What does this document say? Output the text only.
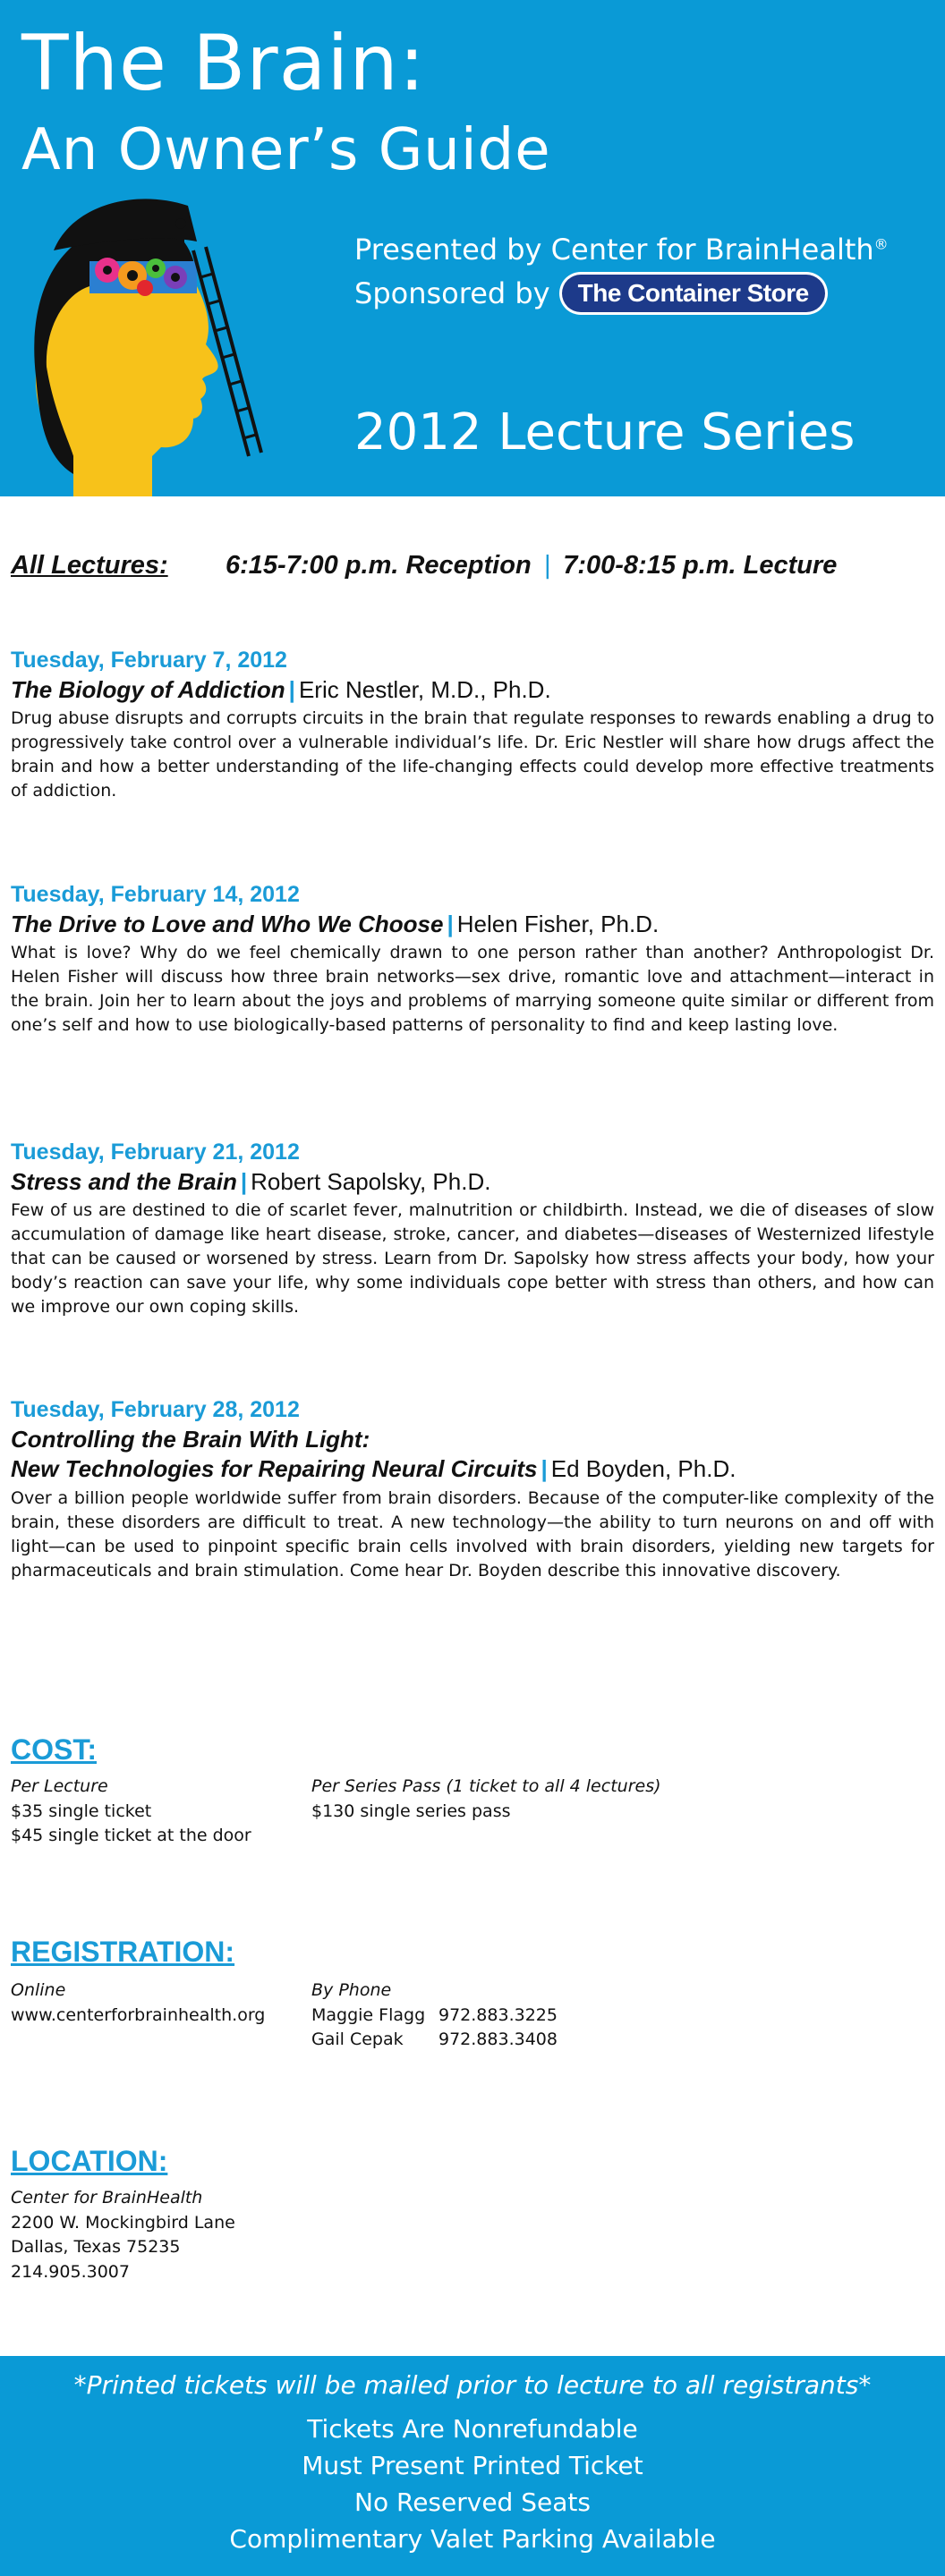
The Brain:
An Owner’s Guide
Presented by Center for BrainHealth®
Sponsored by	The Container Store
2012 Lecture Series
All Lectures: 6:15-7:00 p.m. Reception | 7:00-8:15 p.m. Lecture
Tuesday, February 7, 2012
The Biology of Addiction | Eric Nestler, M.D., Ph.D.
Drug abuse disrupts and corrupts circuits in the brain that regulate responses to rewards enabling a drug to progressively take control over a vulnerable individual’s life. Dr. Eric Nestler will share how drugs affect the brain and how a better understanding of the life-changing effects could develop more effective treatments of addiction.
Tuesday, February 14, 2012
The Drive to Love and Who We Choose | Helen Fisher, Ph.D.
What is love? Why do we feel chemically drawn to one person rather than another? Anthropologist Dr. Helen Fisher will discuss how three brain networks—sex drive, romantic love and attachment—interact in the brain. Join her to learn about the joys and problems of marrying someone quite similar or different from one’s self and how to use biologically-based patterns of personality to find and keep lasting love.
Tuesday, February 21, 2012
Stress and the Brain | Robert Sapolsky, Ph.D.
Few of us are destined to die of scarlet fever, malnutrition or childbirth. Instead, we die of diseases of slow accumulation of damage like heart disease, stroke, cancer, and diabetes—diseases of Westernized lifestyle that can be caused or worsened by stress. Learn from Dr. Sapolsky how stress affects your body, how your body’s reaction can save your life, why some individuals cope better with stress than others, and how can we improve our own coping skills.
Tuesday, February 28, 2012
Controlling the Brain With Light:
New Technologies for Repairing Neural Circuits | Ed Boyden, Ph.D.
Over a billion people worldwide suffer from brain disorders. Because of the computer-like complexity of the brain, these disorders are difficult to treat. A new technology—the ability to turn neurons on and off with light—can be used to pinpoint specific brain cells involved with brain disorders, yielding new targets for pharmaceuticals and brain stimulation. Come hear Dr. Boyden describe this innovative discovery.
COST:
Per Lecture
$35 single ticket
$45 single ticket at the door
Per Series Pass (1 ticket to all 4 lectures)
$130 single series pass
REGISTRATION:
Online
www.centerforbrainhealth.org
By Phone
Maggie Flagg 972.883.3225
Gail Cepak 972.883.3408
LOCATION:
Center for BrainHealth
2200 W. Mockingbird Lane
Dallas, Texas 75235
214.905.3007
*Printed tickets will be mailed prior to lecture to all registrants*
Tickets Are Nonrefundable
Must Present Printed Ticket
No Reserved Seats
Complimentary Valet Parking Available
